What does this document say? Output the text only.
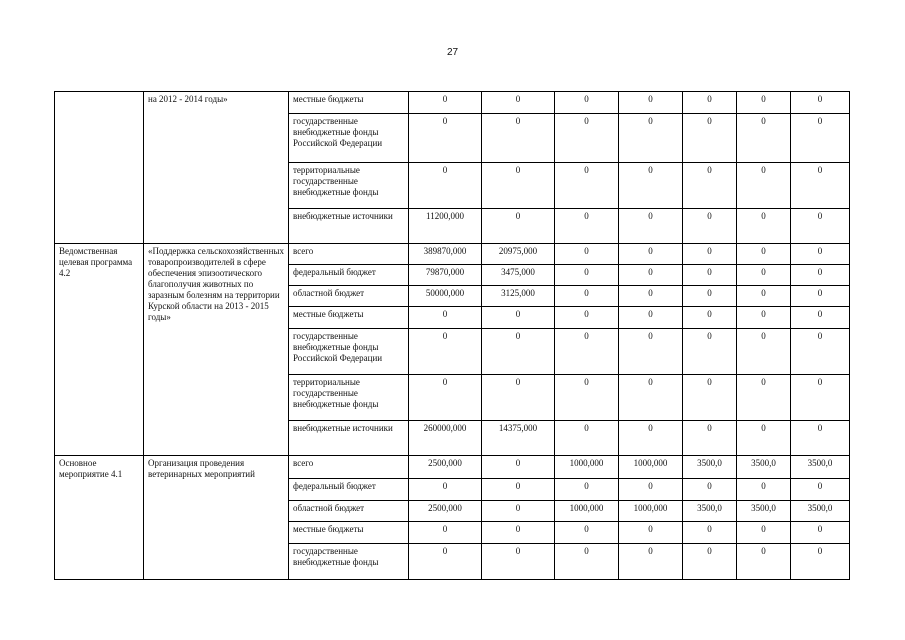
27
	на 2012 - 2014 годы»	местные бюджеты	0	0	0	0	0	0	0
		государственные внебюджетные фонды Российской Федерации	0	0	0	0	0	0	0
		территориальные государственные внебюджетные фонды	0	0	0	0	0	0	0
		внебюджетные источники	11200,000	0	0	0	0	0	0
Ведомственная целевая программа 4.2	«Поддержка сельскохозяйственных товаропроизводителей в сфере обеспечения эпизоотического благополучия животных по заразным болезням на территории Курской области на 2013 - 2015 годы»	всего	389870,000	20975,000	0	0	0	0	0
		федеральный бюджет	79870,000	3475,000	0	0	0	0	0
		областной бюджет	50000,000	3125,000	0	0	0	0	0
		местные бюджеты	0	0	0	0	0	0	0
		государственные внебюджетные фонды Российской Федерации	0	0	0	0	0	0	0
		территориальные государственные внебюджетные фонды	0	0	0	0	0	0	0
		внебюджетные источники	260000,000	14375,000	0	0	0	0	0
Основное мероприятие 4.1	Организация проведения ветеринарных мероприятий	всего	2500,000	0	1000,000	1000,000	3500,0	3500,0	3500,0
		федеральный бюджет	0	0	0	0	0	0	0
		областной бюджет	2500,000	0	1000,000	1000,000	3500,0	3500,0	3500,0
		местные бюджеты	0	0	0	0	0	0	0
		государственные внебюджетные фонды	0	0	0	0	0	0	0
